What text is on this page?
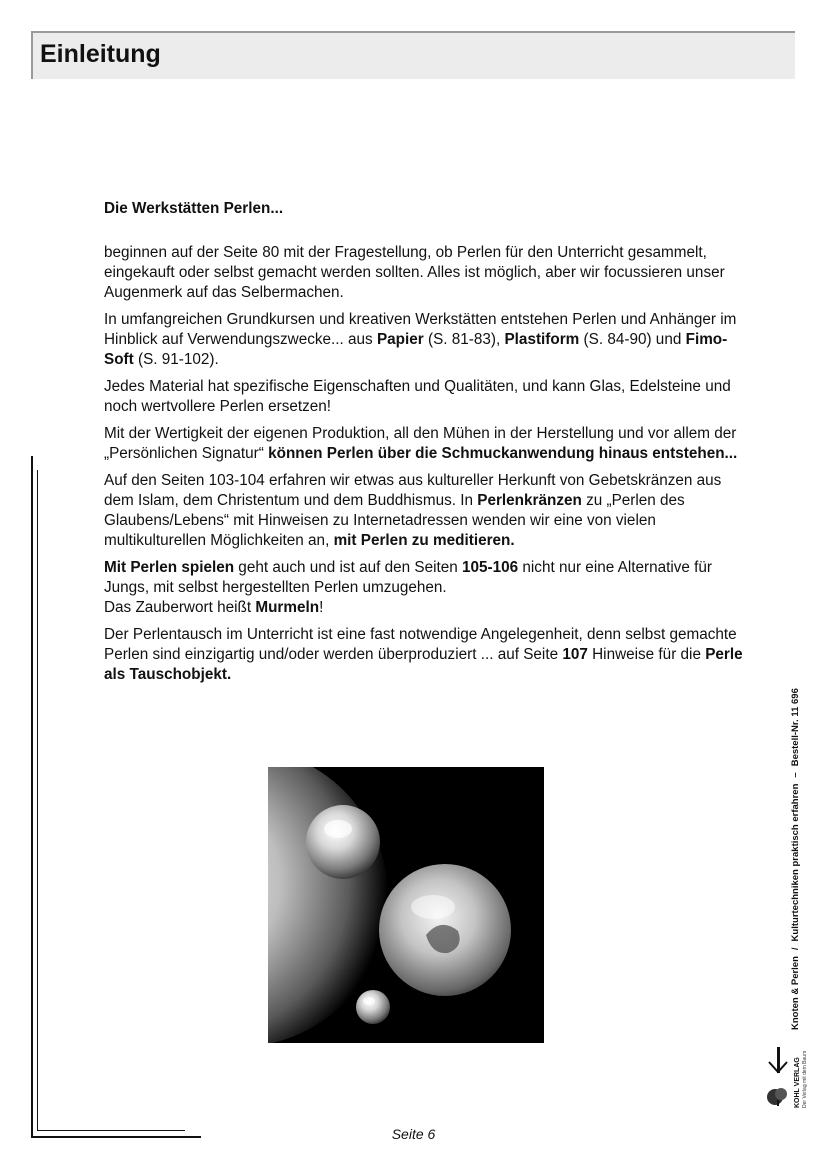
Einleitung

Die Werkstätten Perlen...

beginnen auf der Seite 80 mit der Fragestellung, ob Perlen für den Unterricht gesammelt, eingekauft oder selbst gemacht werden sollten. Alles ist möglich, aber wir focussieren unser Augenmerk auf das Selbermachen.

In umfangreichen Grundkursen und kreativen Werkstätten entstehen Perlen und Anhänger im Hinblick auf Verwendungszwecke... aus Papier (S. 81-83), Plastiform (S. 84-90) und Fimo-Soft (S. 91-102).

Jedes Material hat spezifische Eigenschaften und Qualitäten, und kann Glas, Edelsteine und noch wertvollere Perlen ersetzen!

Mit der Wertigkeit der eigenen Produktion, all den Mühen in der Herstellung und vor allem der „Persönlichen Signatur“ können Perlen über die Schmuckanwendung hinaus entstehen...

Auf den Seiten 103-104 erfahren wir etwas aus kultureller Herkunft von Gebetskränzen aus dem Islam, dem Christentum und dem Buddhismus. In Perlenkränzen zu „Perlen des Glaubens/Lebens“ mit Hinweisen zu Internetadressen wenden wir eine von vielen multikulturellen Möglichkeiten an, mit Perlen zu meditieren.

Mit Perlen spielen geht auch und ist auf den Seiten 105-106 nicht nur eine Alternative für Jungs, mit selbst hergestellten Perlen umzugehen.
Das Zauberwort heißt Murmeln!

Der Perlentausch im Unterricht ist eine fast notwendige Angelegenheit, denn selbst gemachte Perlen sind einzigartig und/oder werden überproduziert ... auf Seite 107 Hinweise für die Perle als Tauschobjekt.

Knoten & Perlen/Kulturtechniken praktisch erfahren–Bestell-Nr. 11 696
KOHL VERLAG Der Verlag mit dem Baum
Seite 6
